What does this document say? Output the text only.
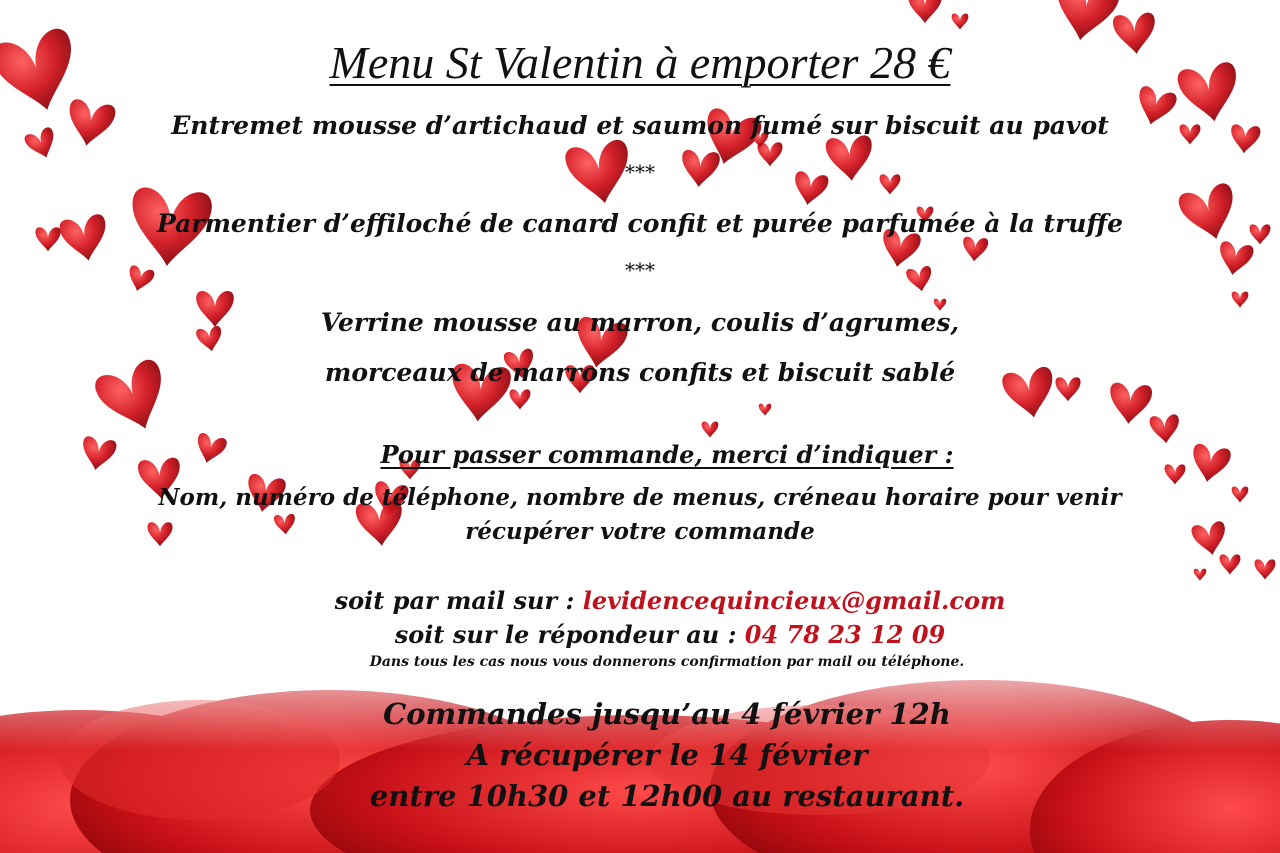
Menu St Valentin à emporter 28 €
Entremet mousse d’artichaud et saumon fumé sur biscuit au pavot
***
Parmentier d’effiloché de canard confit et purée parfumée à la truffe
***
Verrine mousse au marron, coulis d’agrumes,
morceaux de marrons confits et biscuit sablé
Pour passer commande, merci d’indiquer :
Nom, numéro de téléphone, nombre de menus, créneau horaire pour venir
récupérer votre commande
soit par mail sur : levidencequincieux@gmail.com
soit sur le répondeur au : 04 78 23 12 09
Dans tous les cas nous vous donnerons confirmation par mail ou téléphone.
Commandes jusqu’au 4 février 12h
A récupérer le 14 février
entre 10h30 et 12h00 au restaurant.
